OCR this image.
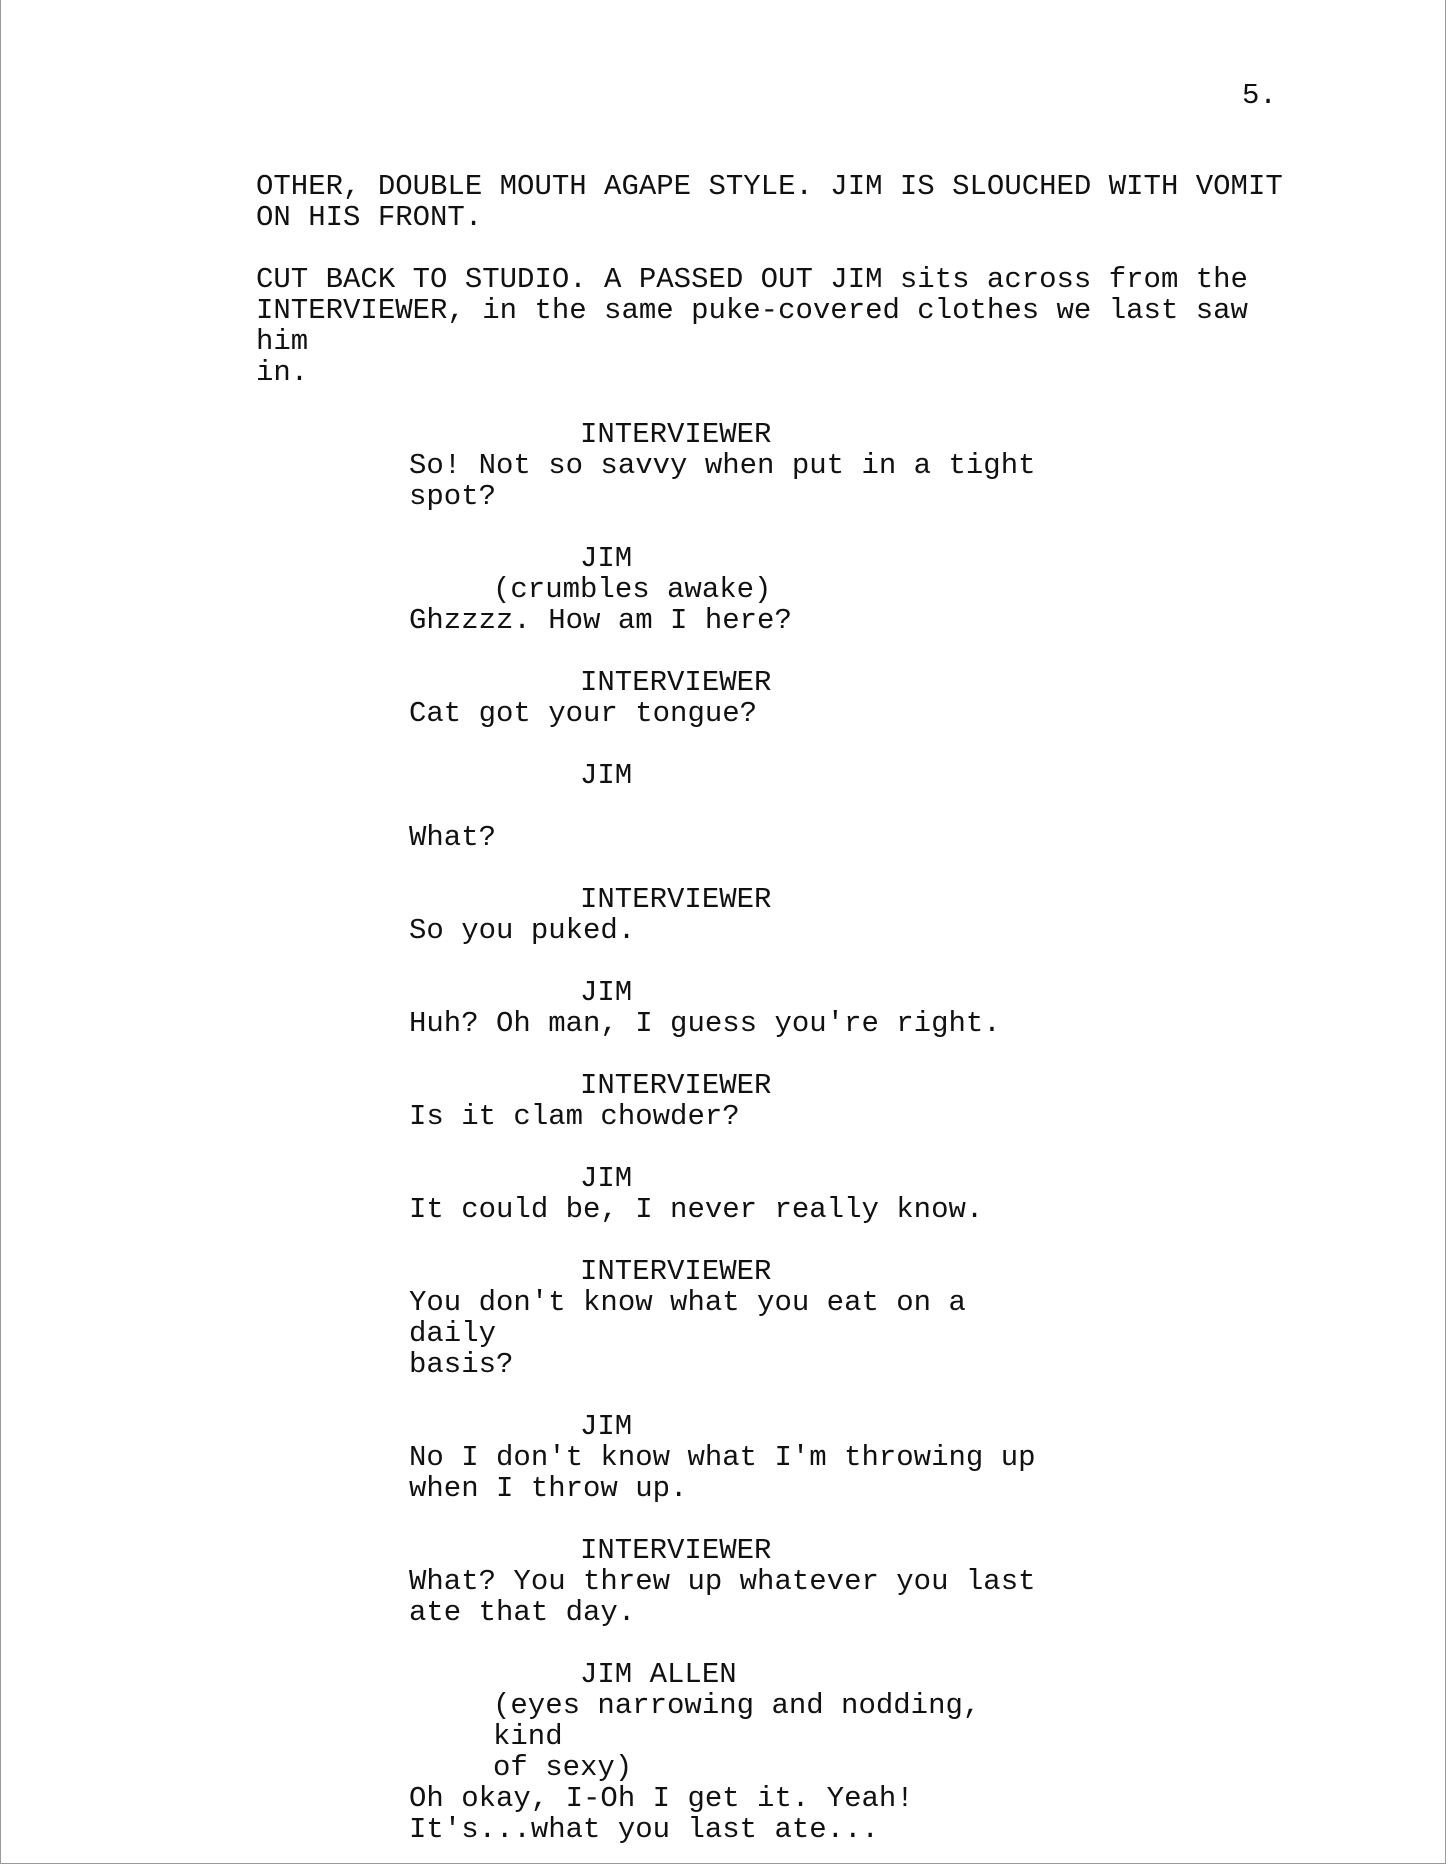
5.
OTHER, DOUBLE MOUTH AGAPE STYLE. JIM IS SLOUCHED WITH VOMIT
ON HIS FRONT.
CUT BACK TO STUDIO. A PASSED OUT JIM sits across from the
INTERVIEWER, in the same puke-covered clothes we last saw him
in.
INTERVIEWER
So! Not so savvy when put in a tight
spot?
JIM
(crumbles awake)
Ghzzzz. How am I here?
INTERVIEWER
Cat got your tongue?
JIM
What?
INTERVIEWER
So you puked.
JIM
Huh? Oh man, I guess you're right.
INTERVIEWER
Is it clam chowder?
JIM
It could be, I never really know.
INTERVIEWER
You don't know what you eat on a daily
basis?
JIM
No I don't know what I'm throwing up
when I throw up.
INTERVIEWER
What? You threw up whatever you last
ate that day.
JIM ALLEN
(eyes narrowing and nodding, kind
of sexy)
Oh okay, I-Oh I get it. Yeah!
It's...what you last ate...
